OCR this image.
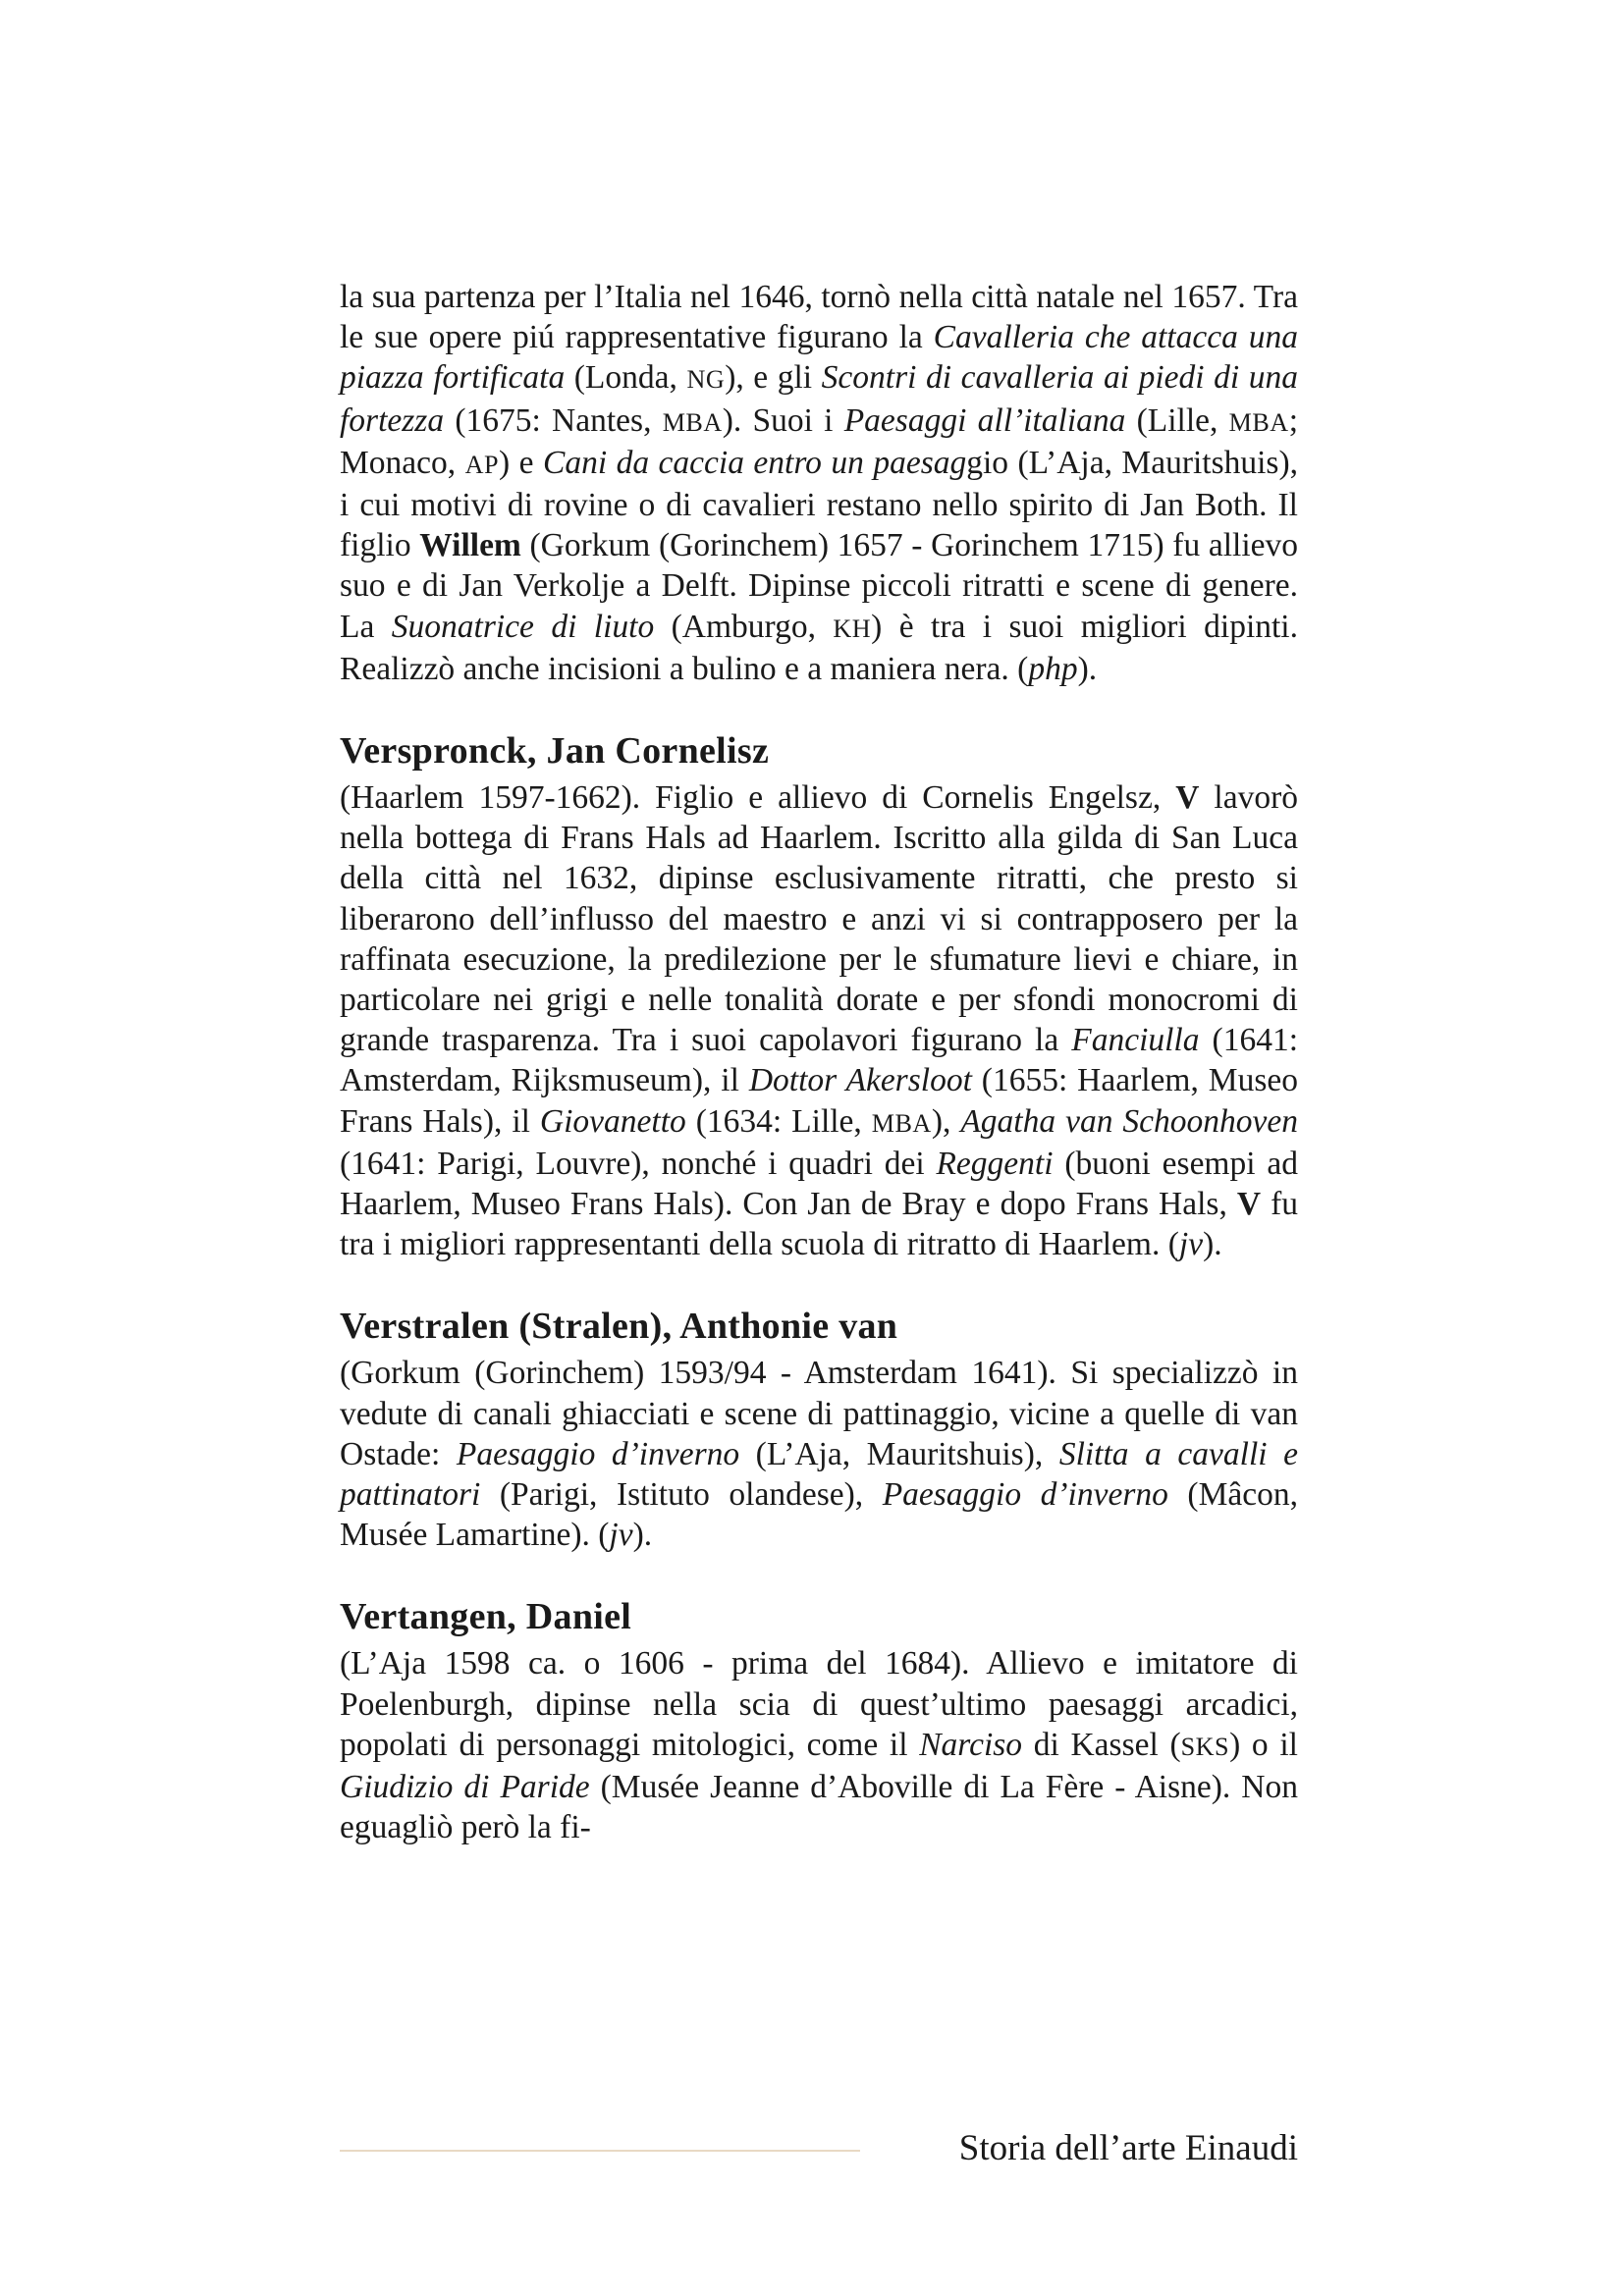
la sua partenza per l’Italia nel 1646, tornò nella città natale nel 1657. Tra le sue opere piú rappresentative figurano la Cavalleria che attacca una piazza fortificata (Londa, NG), e gli Scontri di cavalleria ai piedi di una fortezza (1675: Nantes, MBA). Suoi i Paesaggi all’italiana (Lille, MBA; Monaco, AP) e Cani da caccia entro un paesaggio (L’Aja, Mauritshuis), i cui motivi di rovine o di cavalieri restano nello spirito di Jan Both. Il figlio Willem (Gorkum (Gorinchem) 1657 - Gorinchem 1715) fu allievo suo e di Jan Verkolje a Delft. Dipinse piccoli ritratti e scene di genere. La Suonatrice di liuto (Amburgo, KH) è tra i suoi migliori dipinti. Realizzò anche incisioni a bulino e a maniera nera. (php).

Verspronck, Jan Cornelisz

(Haarlem 1597-1662). Figlio e allievo di Cornelis Engelsz, V lavorò nella bottega di Frans Hals ad Haarlem. Iscritto alla gilda di San Luca della città nel 1632, dipinse esclusivamente ritratti, che presto si liberarono dell’influsso del maestro e anzi vi si contrapposero per la raffinata esecuzione, la predilezione per le sfumature lievi e chiare, in particolare nei grigi e nelle tonalità dorate e per sfondi monocromi di grande trasparenza. Tra i suoi capolavori figurano la Fanciulla (1641: Amsterdam, Rijksmuseum), il Dottor Akersloot (1655: Haarlem, Museo Frans Hals), il Giovanetto (1634: Lille, MBA), Agatha van Schoonhoven (1641: Parigi, Louvre), nonché i quadri dei Reggenti (buoni esempi ad Haarlem, Museo Frans Hals). Con Jan de Bray e dopo Frans Hals, V fu tra i migliori rappresentanti della scuola di ritratto di Haarlem. (jv).

Verstralen (Stralen), Anthonie van

(Gorkum (Gorinchem) 1593/94 - Amsterdam 1641). Si specializzò in vedute di canali ghiacciati e scene di pattinaggio, vicine a quelle di van Ostade: Paesaggio d’inverno (L’Aja, Mauritshuis), Slitta a cavalli e pattinatori (Parigi, Istituto olandese), Paesaggio d’inverno (Mâcon, Musée Lamartine). (jv).

Vertangen, Daniel

(L’Aja 1598 ca. o 1606 - prima del 1684). Allievo e imitatore di Poelenburgh, dipinse nella scia di quest’ultimo paesaggi arcadici, popolati di personaggi mitologici, come il Narciso di Kassel (SKS) o il Giudizio di Paride (Musée Jeanne d’Aboville di La Fère - Aisne). Non eguagliò però la fi-

Storia dell’arte Einaudi
